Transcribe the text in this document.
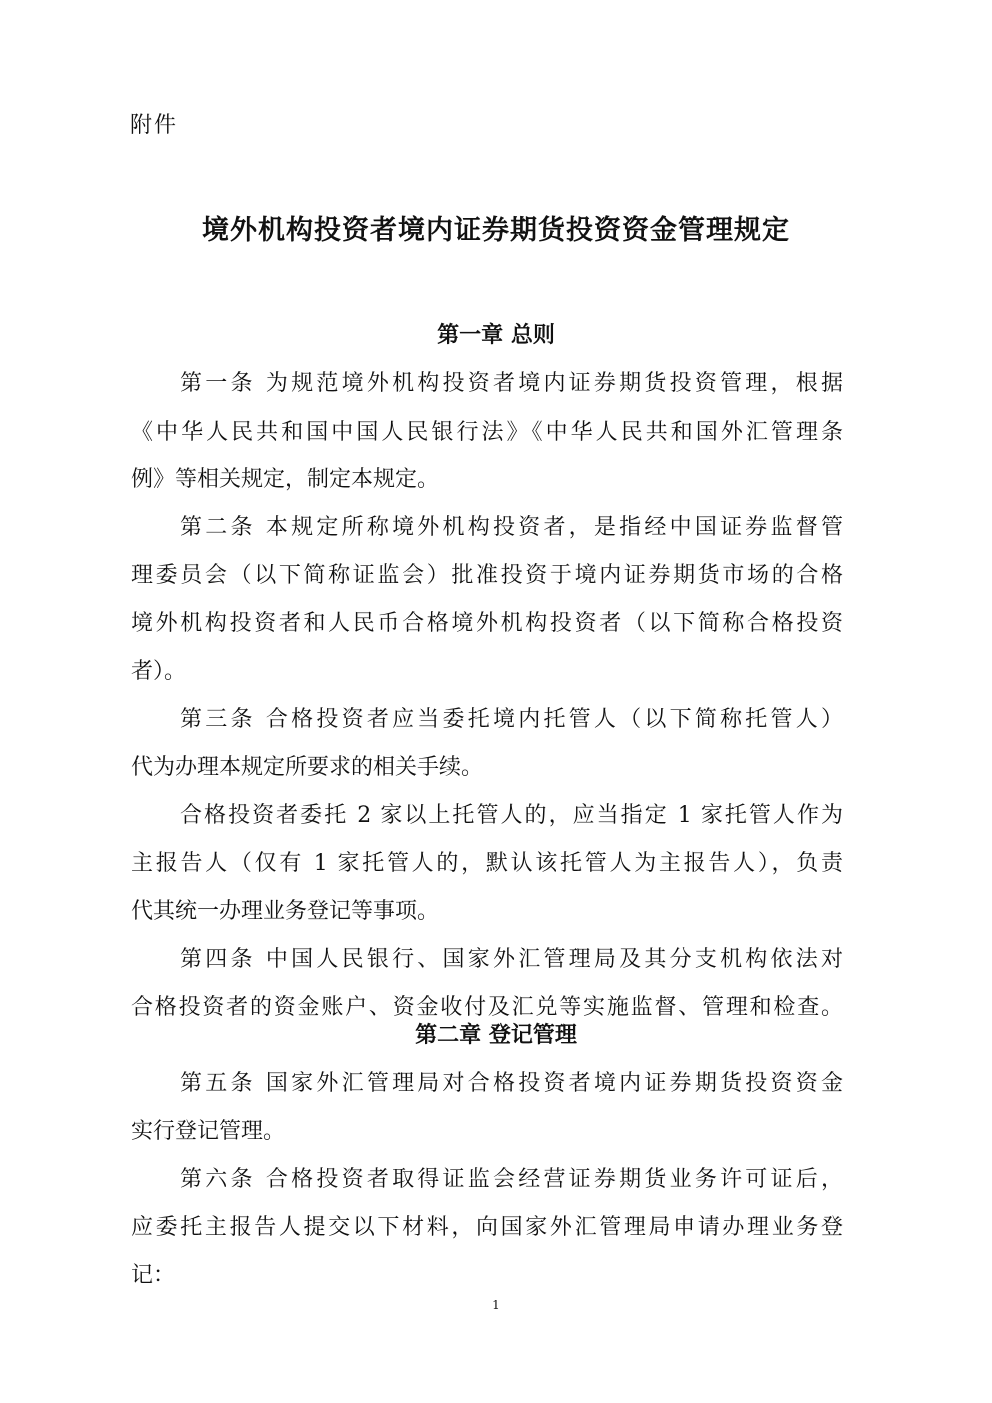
附件
境外机构投资者境内证券期货投资资金管理规定
第一章 总则
第一条 为规范境外机构投资者境内证券期货投资管理，根据
《中华人民共和国中国人民银行法》《中华人民共和国外汇管理条
例》等相关规定，制定本规定。
第二条 本规定所称境外机构投资者，是指经中国证券监督管
理委员会（以下简称证监会）批准投资于境内证券期货市场的合格
境外机构投资者和人民币合格境外机构投资者（以下简称合格投资
者）。
第三条 合格投资者应当委托境内托管人（以下简称托管人）
代为办理本规定所要求的相关手续。
合格投资者委托 2 家以上托管人的，应当指定 1 家托管人作为
主报告人（仅有 1 家托管人的，默认该托管人为主报告人），负责
代其统一办理业务登记等事项。
第四条 中国人民银行、国家外汇管理局及其分支机构依法对
合格投资者的资金账户、资金收付及汇兑等实施监督、管理和检查。
第二章 登记管理
第五条 国家外汇管理局对合格投资者境内证券期货投资资金
实行登记管理。
第六条 合格投资者取得证监会经营证券期货业务许可证后，
应委托主报告人提交以下材料，向国家外汇管理局申请办理业务登
记：
1
